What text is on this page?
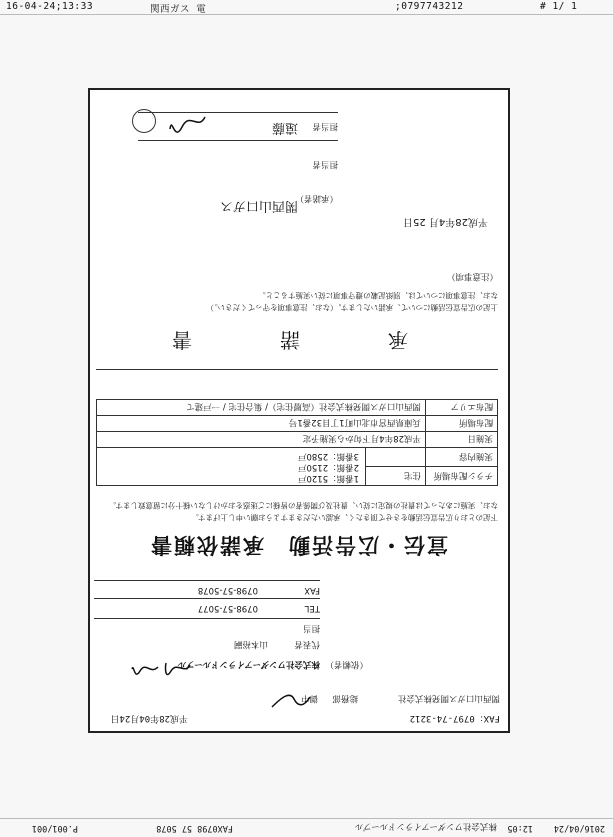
16-04-24;13:33	関西ガス 電	;0797743212	# 1/ 1
FAX：0797-74-3212
平成28年04月24日
関西山口ガス開発株式会社
総務部
御中
（依頼者）
株式会社ワンダーアイランドループル
代表者
山本裕嗣
担当
TEL
0798-57-5077
FAX
0798-57-5078
宣伝・広告活動　承諾依頼書
下記のとおり広告宣伝活動をさせて頂きたく、承認いただきますようお願い申し上げます。
なお、実施にあたっては貴社の規定に従い、貴社及び関係者の皆様にご迷惑をおかけしない様十分に留意致します。
チラシ配布場所	住宅	1番館：5120戸
2番館：2150戸
3番館：2580戸

実施内容		
実施日	平成28年4月下旬から実施予定	
配布場所	兵庫県西宮市北山町1丁目32番1号	
配布エリア	関西山口ガス開発株式会社（高層住宅）/ 集合住宅 / 一戸建て	
承　　諾　　書
上記の広告宣伝活動について、承諾いたします。（なお、注意事項を守ってください。）
なお、注意事項については、別紙記載の遵守事項に従い実施すること。
（注意事項）
平成28年4月 25日
（承諾者）
関西山口ガス
担当者
遠藤 担当者
2016/04/24
12:05
株式会社ワンダーアイランドループル
FAX0798 57 5078
P.001/001
